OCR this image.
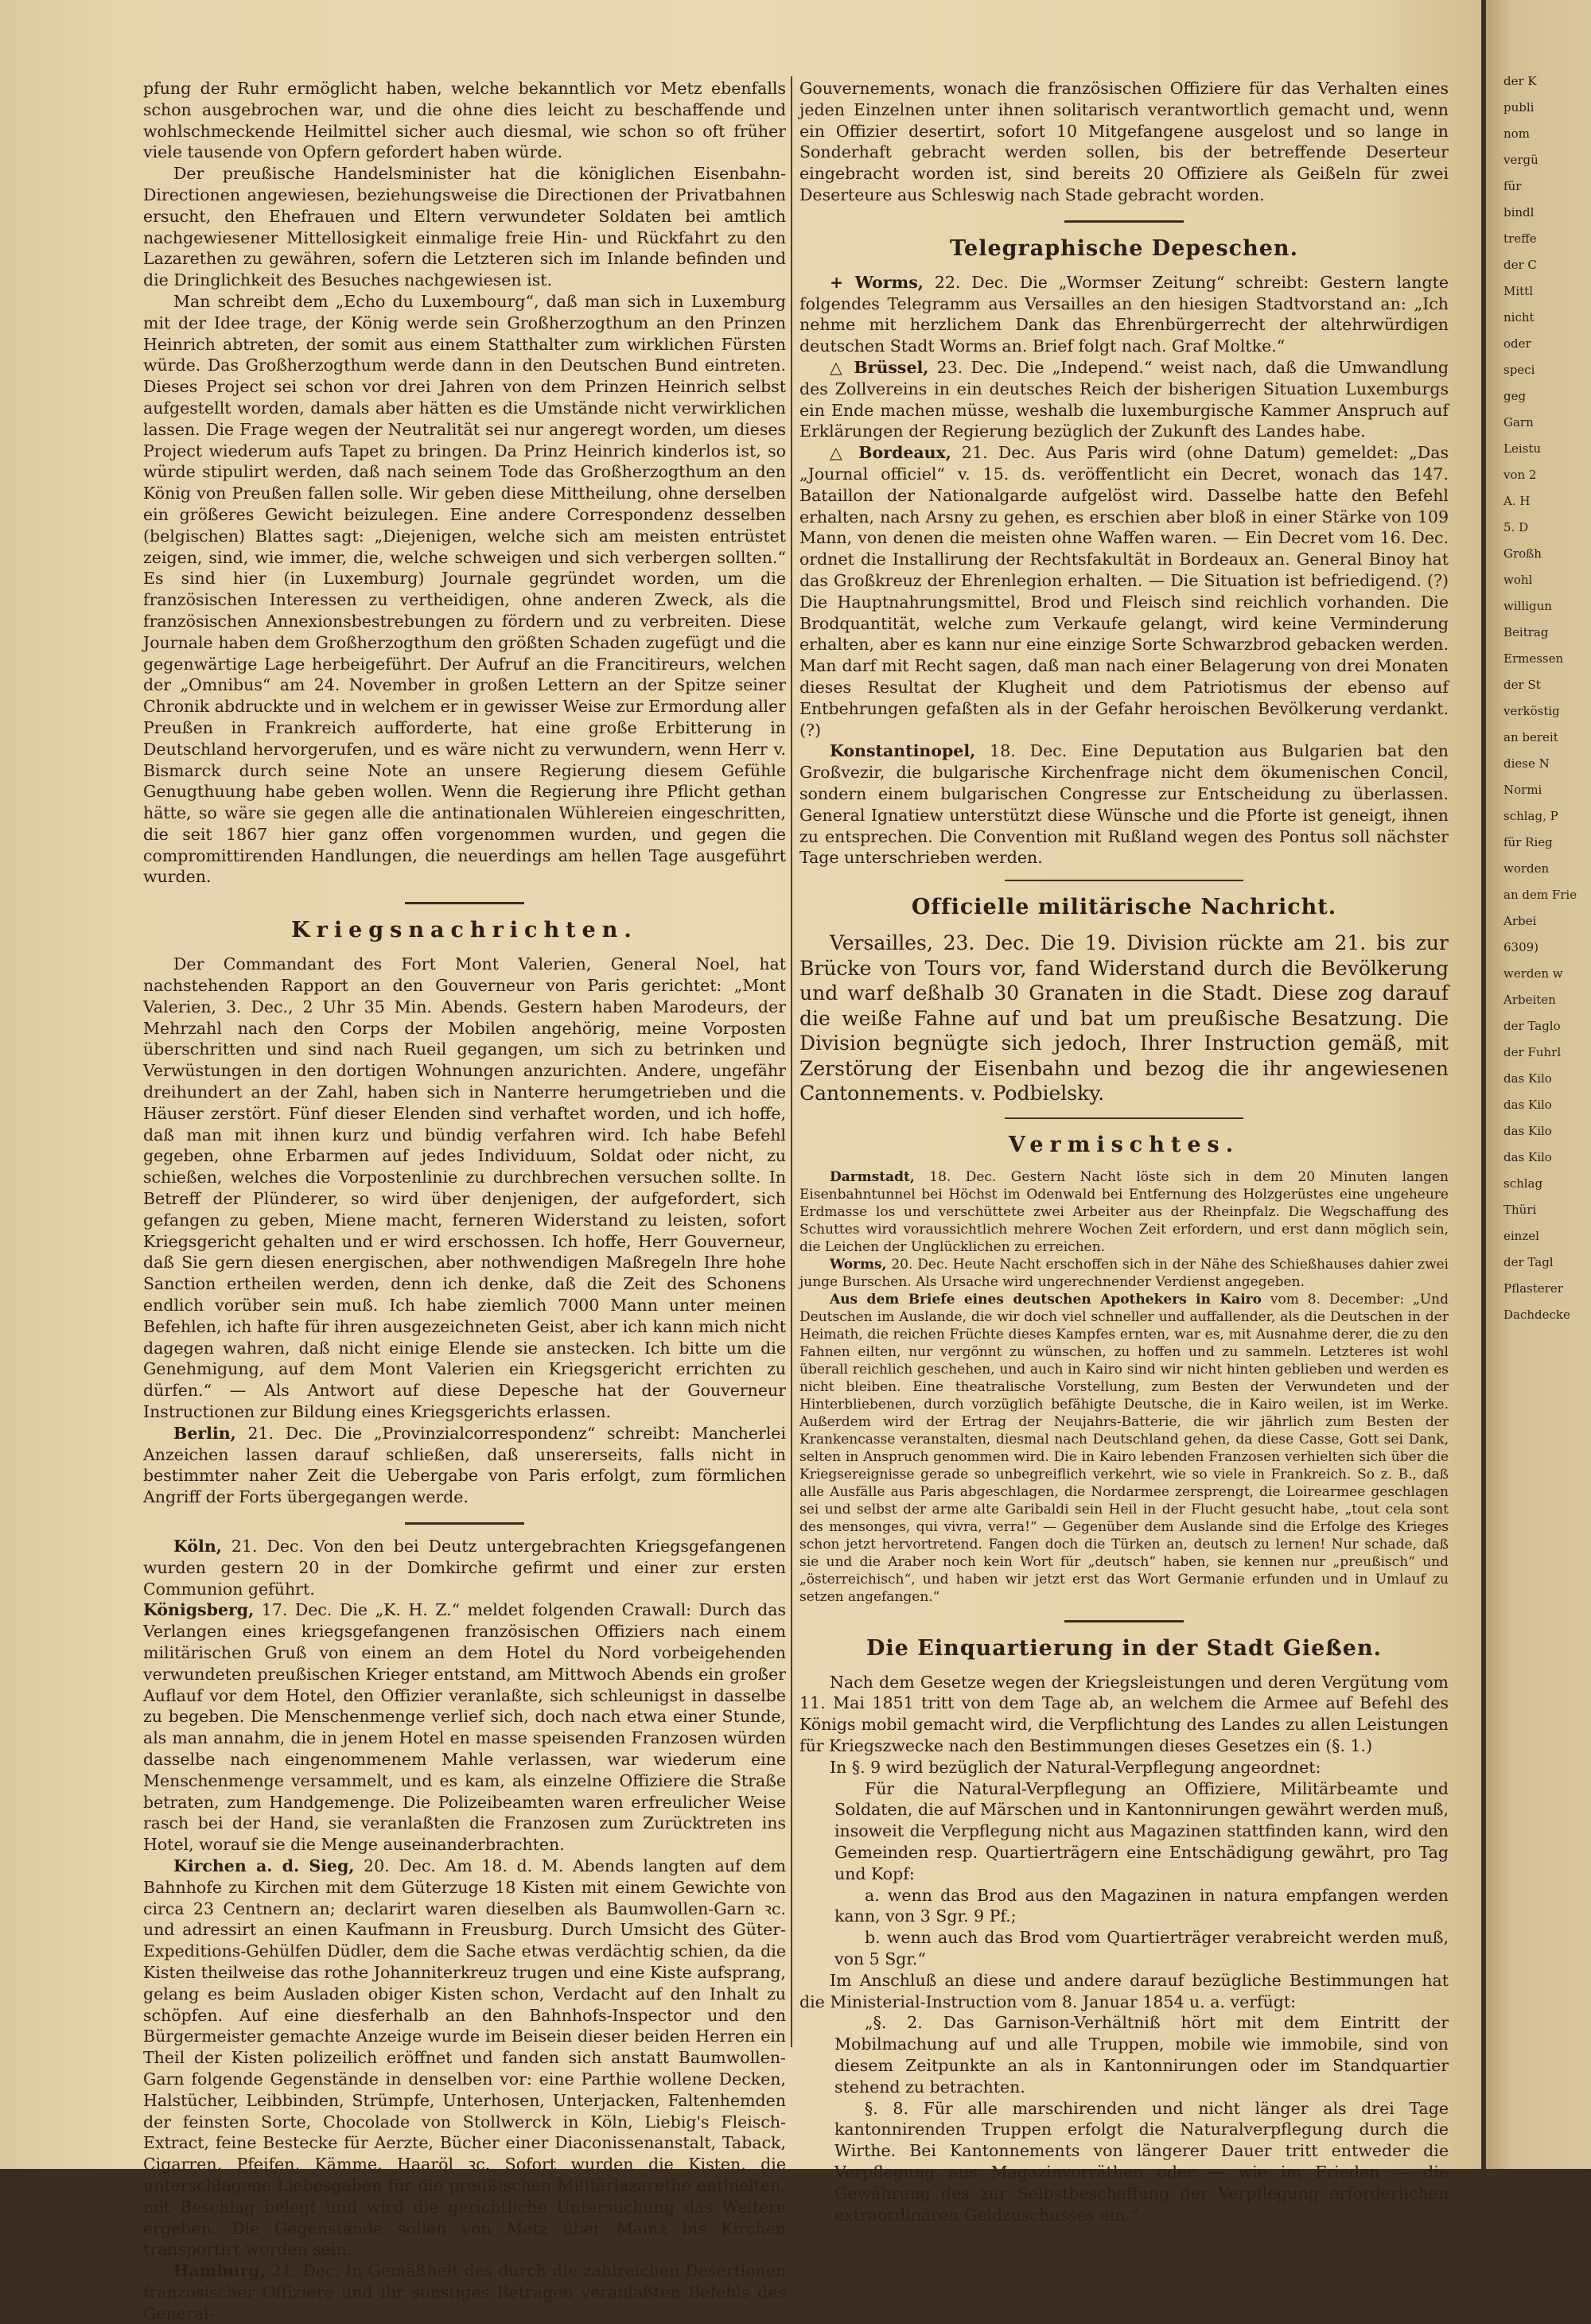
pfung der Ruhr ermöglicht haben, welche bekanntlich vor Metz ebenfalls schon ausgebrochen war, und die ohne dies leicht zu beschaffende und wohlschmeckende Heilmittel sicher auch diesmal, wie schon so oft früher viele tausende von Opfern gefordert haben würde.

Der preußische Handelsminister hat die königlichen Eisenbahn-Directionen angewiesen, beziehungsweise die Directionen der Privatbahnen ersucht, den Ehefrauen und Eltern verwundeter Soldaten bei amtlich nachgewiesener Mittellosigkeit einmalige freie Hin- und Rückfahrt zu den Lazarethen zu gewähren, sofern die Letzteren sich im Inlande befinden und die Dringlichkeit des Besuches nachgewiesen ist.

Man schreibt dem „Echo du Luxembourg“, daß man sich in Luxemburg mit der Idee trage, der König werde sein Großherzogthum an den Prinzen Heinrich abtreten, der somit aus einem Statthalter zum wirklichen Fürsten würde. Das Großherzogthum werde dann in den Deutschen Bund eintreten. Dieses Project sei schon vor drei Jahren von dem Prinzen Heinrich selbst aufgestellt worden, damals aber hätten es die Umstände nicht verwirklichen lassen. Die Frage wegen der Neutralität sei nur angeregt worden, um dieses Project wiederum aufs Tapet zu bringen. Da Prinz Heinrich kinderlos ist, so würde stipulirt werden, daß nach seinem Tode das Großherzogthum an den König von Preußen fallen solle. Wir geben diese Mittheilung, ohne derselben ein größeres Gewicht beizulegen. Eine andere Correspondenz desselben (belgischen) Blattes sagt: „Diejenigen, welche sich am meisten entrüstet zeigen, sind, wie immer, die, welche schweigen und sich verbergen sollten.“ Es sind hier (in Luxemburg) Journale gegründet worden, um die französischen Interessen zu vertheidigen, ohne anderen Zweck, als die französischen Annexionsbestrebungen zu fördern und zu verbreiten. Diese Journale haben dem Großherzogthum den größten Schaden zugefügt und die gegenwärtige Lage herbeigeführt. Der Aufruf an die Francitireurs, welchen der „Omnibus“ am 24. November in großen Lettern an der Spitze seiner Chronik abdruckte und in welchem er in gewisser Weise zur Ermordung aller Preußen in Frankreich aufforderte, hat eine große Erbitterung in Deutschland hervorgerufen, und es wäre nicht zu verwundern, wenn Herr v. Bismarck durch seine Note an unsere Regierung diesem Gefühle Genugthuung habe geben wollen. Wenn die Regierung ihre Pflicht gethan hätte, so wäre sie gegen alle die antinationalen Wühlereien eingeschritten, die seit 1867 hier ganz offen vorgenommen wurden, und gegen die compromittirenden Handlungen, die neuerdings am hellen Tage ausgeführt wurden.

Kriegsnachrichten.

Der Commandant des Fort Mont Valerien, General Noel, hat nachstehenden Rapport an den Gouverneur von Paris gerichtet: „Mont Valerien, 3. Dec., 2 Uhr 35 Min. Abends. Gestern haben Marodeurs, der Mehrzahl nach den Corps der Mobilen angehörig, meine Vorposten überschritten und sind nach Rueil gegangen, um sich zu betrinken und Verwüstungen in den dortigen Wohnungen anzurichten. Andere, ungefähr dreihundert an der Zahl, haben sich in Nanterre herumgetrieben und die Häuser zerstört. Fünf dieser Elenden sind verhaftet worden, und ich hoffe, daß man mit ihnen kurz und bündig verfahren wird. Ich habe Befehl gegeben, ohne Erbarmen auf jedes Individuum, Soldat oder nicht, zu schießen, welches die Vorpostenlinie zu durchbrechen versuchen sollte. In Betreff der Plünderer, so wird über denjenigen, der aufgefordert, sich gefangen zu geben, Miene macht, ferneren Widerstand zu leisten, sofort Kriegsgericht gehalten und er wird erschossen. Ich hoffe, Herr Gouverneur, daß Sie gern diesen energischen, aber nothwendigen Maßregeln Ihre hohe Sanction ertheilen werden, denn ich denke, daß die Zeit des Schonens endlich vorüber sein muß. Ich habe ziemlich 7000 Mann unter meinen Befehlen, ich hafte für ihren ausgezeichneten Geist, aber ich kann mich nicht dagegen wahren, daß nicht einige Elende sie anstecken. Ich bitte um die Genehmigung, auf dem Mont Valerien ein Kriegsgericht errichten zu dürfen.“ — Als Antwort auf diese Depesche hat der Gouverneur Instructionen zur Bildung eines Kriegsgerichts erlassen.

Berlin, 21. Dec. Die „Provinzialcorrespondenz“ schreibt: Mancherlei Anzeichen lassen darauf schließen, daß unsererseits, falls nicht in bestimmter naher Zeit die Uebergabe von Paris erfolgt, zum förmlichen Angriff der Forts übergegangen werde.

Köln, 21. Dec. Von den bei Deutz untergebrachten Kriegsgefangenen wurden gestern 20 in der Domkirche gefirmt und einer zur ersten Communion geführt.

Königsberg, 17. Dec. Die „K. H. Z.“ meldet folgenden Crawall: Durch das Verlangen eines kriegsgefangenen französischen Offiziers nach einem militärischen Gruß von einem an dem Hotel du Nord vorbeigehenden verwundeten preußischen Krieger entstand, am Mittwoch Abends ein großer Auflauf vor dem Hotel, den Offizier veranlaßte, sich schleunigst in dasselbe zu begeben. Die Menschenmenge verlief sich, doch nach etwa einer Stunde, als man annahm, die in jenem Hotel en masse speisenden Franzosen würden dasselbe nach eingenommenem Mahle verlassen, war wiederum eine Menschenmenge versammelt, und es kam, als einzelne Offiziere die Straße betraten, zum Handgemenge. Die Polizeibeamten waren erfreulicher Weise rasch bei der Hand, sie veranlaßten die Franzosen zum Zurücktreten ins Hotel, worauf sie die Menge auseinanderbrachten.

Kirchen a. d. Sieg, 20. Dec. Am 18. d. M. Abends langten auf dem Bahnhofe zu Kirchen mit dem Güterzuge 18 Kisten mit einem Gewichte von circa 23 Centnern an; declarirt waren dieselben als Baumwollen-Garn ꝛc. und adressirt an einen Kaufmann in Freusburg. Durch Umsicht des Güter-Expeditions-Gehülfen Düdler, dem die Sache etwas verdächtig schien, da die Kisten theilweise das rothe Johanniterkreuz trugen und eine Kiste aufsprang, gelang es beim Ausladen obiger Kisten schon, Verdacht auf den Inhalt zu schöpfen. Auf eine diesferhalb an den Bahnhofs-Inspector und den Bürgermeister gemachte Anzeige wurde im Beisein dieser beiden Herren ein Theil der Kisten polizeilich eröffnet und fanden sich anstatt Baumwollen-Garn folgende Gegenstände in denselben vor: eine Parthie wollene Decken, Halstücher, Leibbinden, Strümpfe, Unterhosen, Unterjacken, Faltenhemden der feinsten Sorte, Chocolade von Stollwerck in Köln, Liebig's Fleisch-Extract, feine Bestecke für Aerzte, Bücher einer Diaconissenanstalt, Taback, Cigarren, Pfeifen, Kämme, Haaröl ꝛc. Sofort wurden die Kisten, die unterschlagene Liebesgaben für die preußischen Militärlazarethe enthielten, mit Beschlag belegt und wird die gerichtliche Untersuchung das Weitere ergeben. Die Gegenstände sollen von Metz über Mainz bis Kirchen transportirt worden sein.

Hamburg, 21. Dec. In Gemäßheit des durch die zahlreichen Desertionen französischer Offiziere und ihr sonstiges Betragen veranlaßten Befehls des General-

Gouvernements, wonach die französischen Offiziere für das Verhalten eines jeden Einzelnen unter ihnen solitarisch verantwortlich gemacht und, wenn ein Offizier desertirt, sofort 10 Mitgefangene ausgelost und so lange in Sonderhaft gebracht werden sollen, bis der betreffende Deserteur eingebracht worden ist, sind bereits 20 Offiziere als Geißeln für zwei Deserteure aus Schleswig nach Stade gebracht worden.

Telegraphische Depeschen.

+ Worms, 22. Dec. Die „Wormser Zeitung“ schreibt: Gestern langte folgendes Telegramm aus Versailles an den hiesigen Stadtvorstand an: „Ich nehme mit herzlichem Dank das Ehrenbürgerrecht der altehrwürdigen deutschen Stadt Worms an. Brief folgt nach. Graf Moltke.“

△ Brüssel, 23. Dec. Die „Independ.“ weist nach, daß die Umwandlung des Zollvereins in ein deutsches Reich der bisherigen Situation Luxemburgs ein Ende machen müsse, weshalb die luxemburgische Kammer Anspruch auf Erklärungen der Regierung bezüglich der Zukunft des Landes habe.

△ Bordeaux, 21. Dec. Aus Paris wird (ohne Datum) gemeldet: „Das „Journal officiel“ v. 15. ds. veröffentlicht ein Decret, wonach das 147. Bataillon der Nationalgarde aufgelöst wird. Dasselbe hatte den Befehl erhalten, nach Arsny zu gehen, es erschien aber bloß in einer Stärke von 109 Mann, von denen die meisten ohne Waffen waren. — Ein Decret vom 16. Dec. ordnet die Installirung der Rechtsfakultät in Bordeaux an. General Binoy hat das Großkreuz der Ehrenlegion erhalten. — Die Situation ist befriedigend. (?) Die Hauptnahrungsmittel, Brod und Fleisch sind reichlich vorhanden. Die Brodquantität, welche zum Verkaufe gelangt, wird keine Verminderung erhalten, aber es kann nur eine einzige Sorte Schwarzbrod gebacken werden. Man darf mit Recht sagen, daß man nach einer Belagerung von drei Monaten dieses Resultat der Klugheit und dem Patriotismus der ebenso auf Entbehrungen gefaßten als in der Gefahr heroischen Bevölkerung verdankt. (?)

Konstantinopel, 18. Dec. Eine Deputation aus Bulgarien bat den Großvezir, die bulgarische Kirchenfrage nicht dem ökumenischen Concil, sondern einem bulgarischen Congresse zur Entscheidung zu überlassen. General Ignatiew unterstützt diese Wünsche und die Pforte ist geneigt, ihnen zu entsprechen. Die Convention mit Rußland wegen des Pontus soll nächster Tage unterschrieben werden.

Officielle militärische Nachricht.

Versailles, 23. Dec. Die 19. Division rückte am 21. bis zur Brücke von Tours vor, fand Widerstand durch die Bevölkerung und warf deßhalb 30 Granaten in die Stadt. Diese zog darauf die weiße Fahne auf und bat um preußische Besatzung. Die Division begnügte sich jedoch, Ihrer Instruction gemäß, mit Zerstörung der Eisenbahn und bezog die ihr angewiesenen Cantonnements. v. Podbielsky.

Vermischtes.

Darmstadt, 18. Dec. Gestern Nacht löste sich in dem 20 Minuten langen Eisenbahntunnel bei Höchst im Odenwald bei Entfernung des Holzgerüstes eine ungeheure Erdmasse los und verschüttete zwei Arbeiter aus der Rheinpfalz. Die Wegschaffung des Schuttes wird voraussichtlich mehrere Wochen Zeit erfordern, und erst dann möglich sein, die Leichen der Unglücklichen zu erreichen.

Worms, 20. Dec. Heute Nacht erschoffen sich in der Nähe des Schießhauses dahier zwei junge Burschen. Als Ursache wird ungerechnender Verdienst angegeben.

Aus dem Briefe eines deutschen Apothekers in Kairo vom 8. December: „Und Deutschen im Auslande, die wir doch viel schneller und auffallender, als die Deutschen in der Heimath, die reichen Früchte dieses Kampfes ernten, war es, mit Ausnahme derer, die zu den Fahnen eilten, nur vergönnt zu wünschen, zu hoffen und zu sammeln. Letzteres ist wohl überall reichlich geschehen, und auch in Kairo sind wir nicht hinten geblieben und werden es nicht bleiben. Eine theatralische Vorstellung, zum Besten der Verwundeten und der Hinterbliebenen, durch vorzüglich befähigte Deutsche, die in Kairo weilen, ist im Werke. Außerdem wird der Ertrag der Neujahrs-Batterie, die wir jährlich zum Besten der Krankencasse veranstalten, diesmal nach Deutschland gehen, da diese Casse, Gott sei Dank, selten in Anspruch genommen wird. Die in Kairo lebenden Franzosen verhielten sich über die Kriegsereignisse gerade so unbegreiflich verkehrt, wie so viele in Frankreich. So z. B., daß alle Ausfälle aus Paris abgeschlagen, die Nordarmee zersprengt, die Loirearmee geschlagen sei und selbst der arme alte Garibaldi sein Heil in der Flucht gesucht habe, „tout cela sont des mensonges, qui vivra, verra!“ — Gegenüber dem Auslande sind die Erfolge des Krieges schon jetzt hervortretend. Fangen doch die Türken an, deutsch zu lernen! Nur schade, daß sie und die Araber noch kein Wort für „deutsch“ haben, sie kennen nur „preußisch“ und „österreichisch“, und haben wir jetzt erst das Wort Germanie erfunden und in Umlauf zu setzen angefangen.“

Die Einquartierung in der Stadt Gießen.

Nach dem Gesetze wegen der Kriegsleistungen und deren Vergütung vom 11. Mai 1851 tritt von dem Tage ab, an welchem die Armee auf Befehl des Königs mobil gemacht wird, die Verpflichtung des Landes zu allen Leistungen für Kriegszwecke nach den Bestimmungen dieses Gesetzes ein (§. 1.)

In §. 9 wird bezüglich der Natural-Verpflegung angeordnet:

Für die Natural-Verpflegung an Offiziere, Militärbeamte und Soldaten, die auf Märschen und in Kantonnirungen gewährt werden muß, insoweit die Verpflegung nicht aus Magazinen stattfinden kann, wird den Gemeinden resp. Quartierträgern eine Entschädigung gewährt, pro Tag und Kopf:

a. wenn das Brod aus den Magazinen in natura empfangen werden kann, von 3 Sgr. 9 Pf.;

b. wenn auch das Brod vom Quartierträger verabreicht werden muß, von 5 Sgr.“

Im Anschluß an diese und andere darauf bezügliche Bestimmungen hat die Ministerial-Instruction vom 8. Januar 1854 u. a. verfügt:

„§. 2. Das Garnison-Verhältniß hört mit dem Eintritt der Mobilmachung auf und alle Truppen, mobile wie immobile, sind von diesem Zeitpunkte an als in Kantonnirungen oder im Standquartier stehend zu betrachten.

§. 8. Für alle marschirenden und nicht länger als drei Tage kantonnirenden Truppen erfolgt die Naturalverpflegung durch die Wirthe. Bei Kantonnements von längerer Dauer tritt entweder die Verpflegung aus Magazinvorräthen oder — wie im Frieden — die Gewährung des zur Selbstbeschaffung der Verpflegung erforderlichen extraordinären Geldzuschusses ein.“

der K
publi
nom
vergü
für
bindl
treffe
der C
Mittl
nicht
oder
speci
geg
Garn
Leistu
von 2
A. H
5. D
Großh
wohl
willigun
Beitrag
Ermessen
der St
verköstig
an bereit
diese N
Normi
schlag, P
für Rieg
worden
an dem Frie
Arbei
6309)
werden w
Arbeiten
der Taglo
der Fuhrl
das Kilo
das Kilo
das Kilo
das Kilo
schlag
Thüri
einzel
der Tagl
Pflasterer
Dachdecke
